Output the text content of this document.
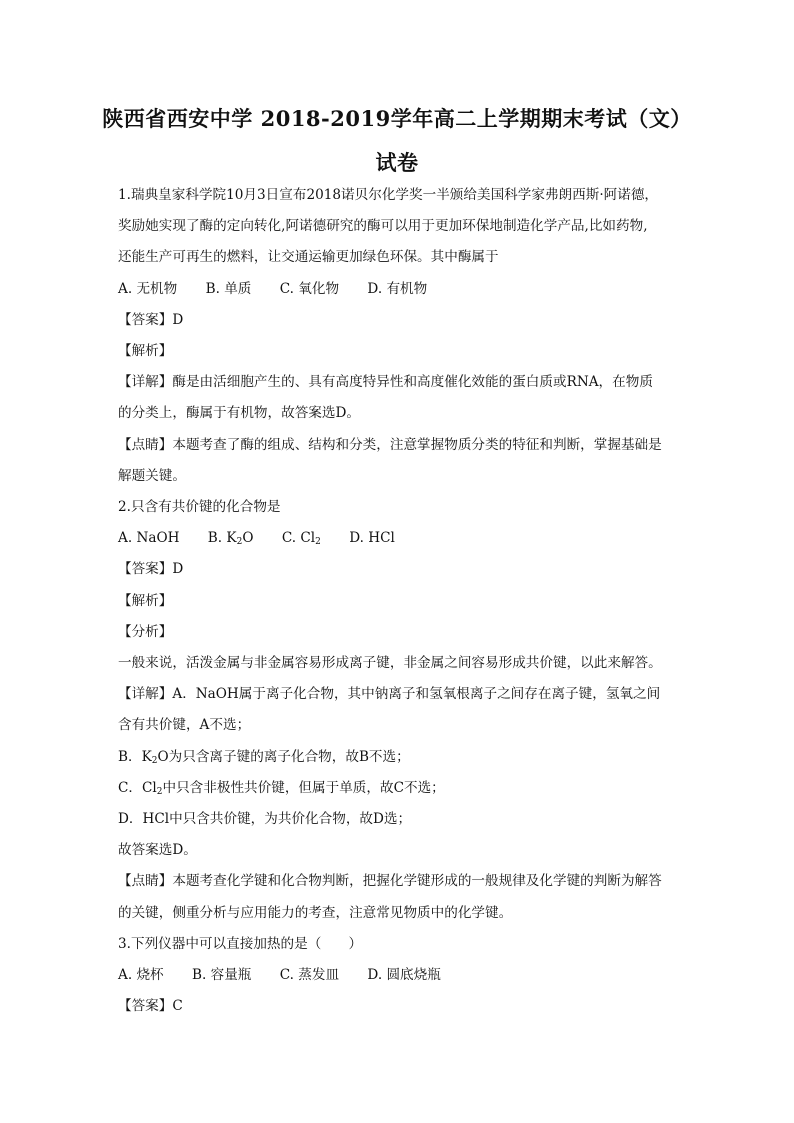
陕西省西安中学 2018-2019学年高二上学期期末考试（文）
试卷
1.瑞典皇家科学院10月3日宣布2018诺贝尔化学奖一半颁给美国科学家弗朗西斯·阿诺德，
奖励她实现了酶的定向转化,阿诺德研究的酶可以用于更加环保地制造化学产品,比如药物,
还能生产可再生的燃料，让交通运输更加绿色环保。其中酶属于
A. 无机物 B. 单质 C. 氧化物 D. 有机物
【答案】D
【解析】
【详解】酶是由活细胞产生的、具有高度特异性和高度催化效能的蛋白质或RNA，在物质
的分类上，酶属于有机物，故答案选D。
【点睛】本题考查了酶的组成、结构和分类，注意掌握物质分类的特征和判断，掌握基础是
解题关键。
2.只含有共价键的化合物是
A. NaOH B. $K_2O$ C. $Cl_2$ D. HCl
【答案】D
【解析】
【分析】
一般来说，活泼金属与非金属容易形成离子键，非金属之间容易形成共价键，以此来解答。
【详解】A．NaOH属于离子化合物，其中钠离子和氢氧根离子之间存在离子键，氢氧之间
含有共价键，A不选；
B．$K_2O$为只含离子键的离子化合物，故B不选；
C．$Cl_2$中只含非极性共价键，但属于单质，故C不选；
D．HCl中只含共价键，为共价化合物，故D选；
故答案选D。
【点睛】本题考查化学键和化合物判断，把握化学键形成的一般规律及化学键的判断为解答
的关键，侧重分析与应用能力的考查，注意常见物质中的化学键。
3.下列仪器中可以直接加热的是（　　）
A. 烧杯 B. 容量瓶 C. 蒸发皿 D. 圆底烧瓶
【答案】C
